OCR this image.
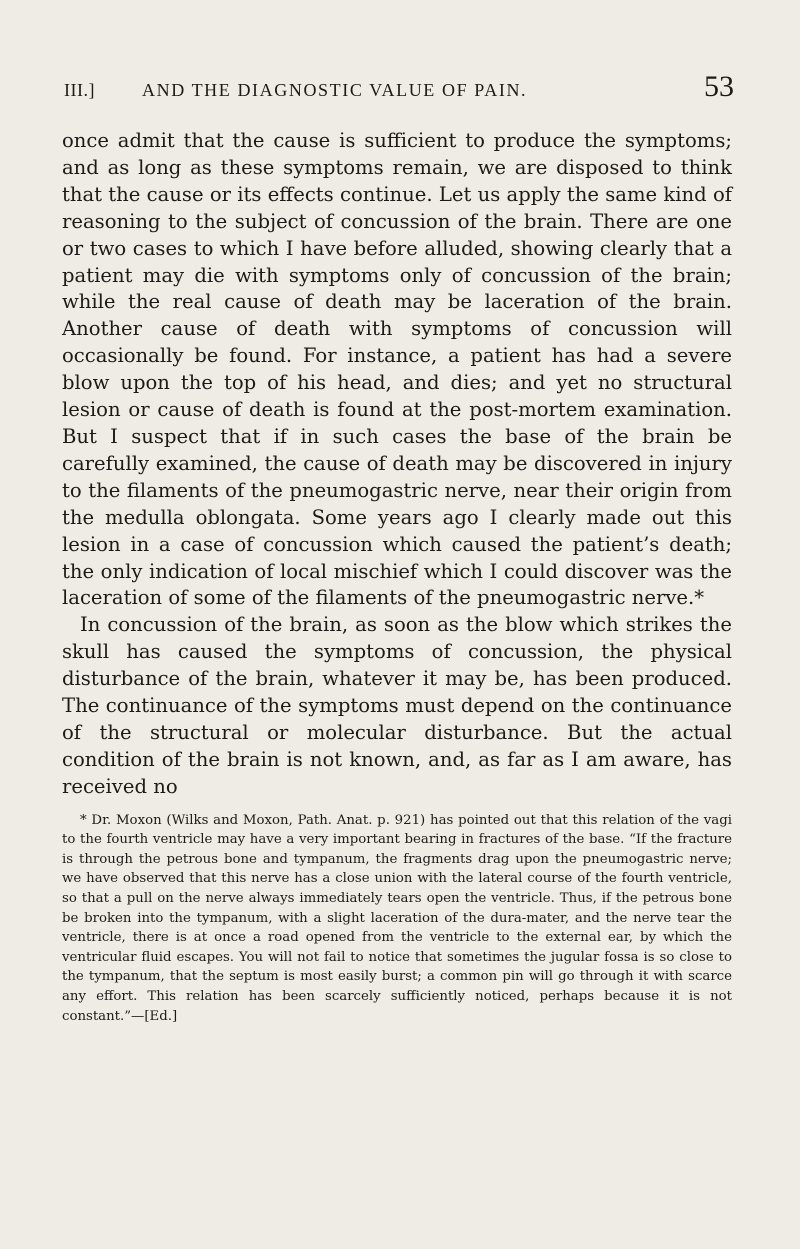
III.]	AND THE DIAGNOSTIC VALUE OF PAIN.	53

once admit that the cause is sufficient to produce the symptoms; and as long as these symptoms remain, we are disposed to think that the cause or its effects continue. Let us apply the same kind of reasoning to the subject of concussion of the brain. There are one or two cases to which I have before alluded, showing clearly that a patient may die with symptoms only of concussion of the brain; while the real cause of death may be laceration of the brain. Another cause of death with symptoms of concussion will occasionally be found. For instance, a patient has had a severe blow upon the top of his head, and dies; and yet no structural lesion or cause of death is found at the post-mortem examination. But I suspect that if in such cases the base of the brain be carefully examined, the cause of death may be discovered in injury to the filaments of the pneumogastric nerve, near their origin from the medulla oblongata. Some years ago I clearly made out this lesion in a case of concussion which caused the patient’s death; the only indication of local mischief which I could discover was the laceration of some of the filaments of the pneumogastric nerve.*

In concussion of the brain, as soon as the blow which strikes the skull has caused the symptoms of concussion, the physical disturbance of the brain, whatever it may be, has been produced. The continuance of the symptoms must depend on the continuance of the structural or molecular disturbance. But the actual condition of the brain is not known, and, as far as I am aware, has received no

* Dr. Moxon (Wilks and Moxon, Path. Anat. p. 921) has pointed out that this relation of the vagi to the fourth ventricle may have a very important bearing in fractures of the base. “If the fracture is through the petrous bone and tympanum, the fragments drag upon the pneumogastric nerve; we have observed that this nerve has a close union with the lateral course of the fourth ventricle, so that a pull on the nerve always immediately tears open the ventricle. Thus, if the petrous bone be broken into the tympanum, with a slight laceration of the dura-mater, and the nerve tear the ventricle, there is at once a road opened from the ventricle to the external ear, by which the ventricular fluid escapes. You will not fail to notice that sometimes the jugular fossa is so close to the tympanum, that the septum is most easily burst; a common pin will go through it with scarce any effort. This relation has been scarcely sufficiently noticed, perhaps because it is not constant.”—[Ed.]
